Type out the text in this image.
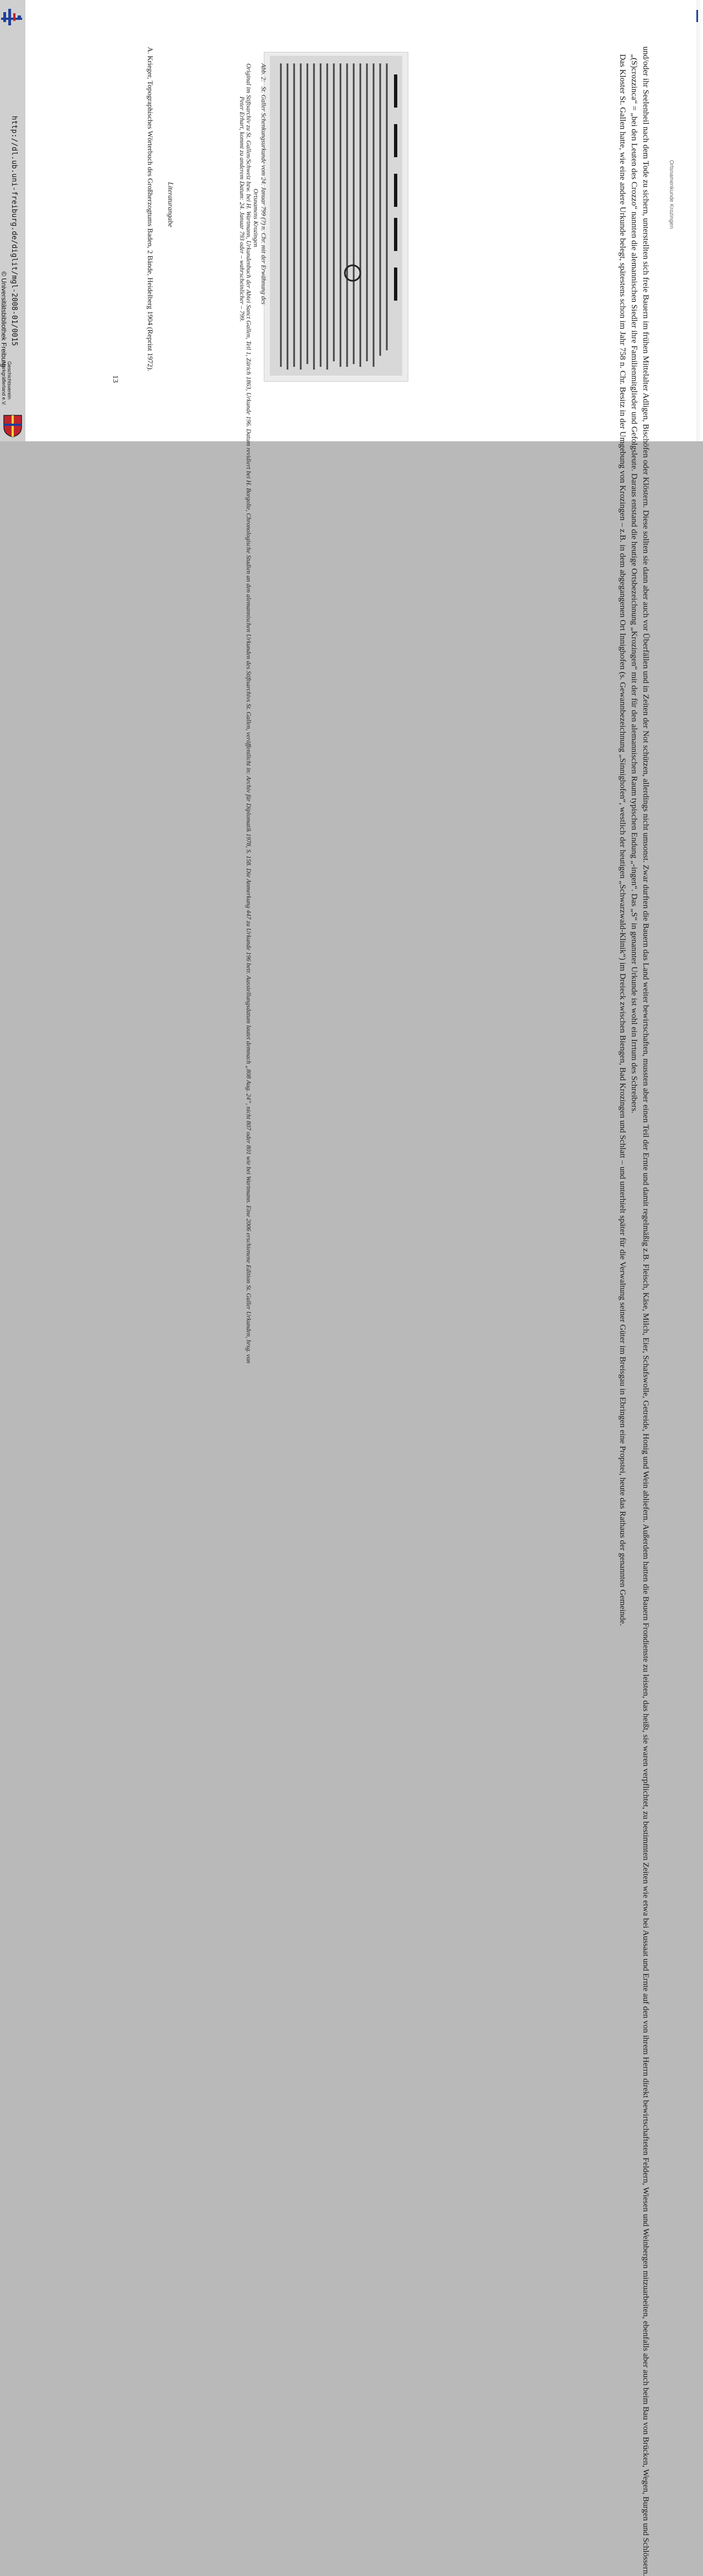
http://dl.ub.uni-freiburg.de/diglit/mgl-2008-01/0015
© Universitätsbibliothek Freiburg
Geschichtsverein
Markgräflerland e.V.
Ortsnamenkunde Krozingen

und/oder ihr Seelenheil nach dem Tode zu sichern, unterstellten sich freie Bauern im frühen Mittelalter Adligen, Bischöfen oder Klöstern. Diese sollten sie dann aber auch vor Überfällen und in Zeiten der Not schützen, allerdings nicht umsonst. Zwar durften die Bauern das Land weiter bewirtschaften, mussten aber einen Teil der Ernte und damit regelmäßig z.B. Fleisch, Käse, Milch, Eier, Schafswolle, Getreide, Honig und Wein abliefern. Außerdem hatten die Bauern Frondienste zu leisten, das heißt, sie waren verpflichtet, zu bestimmten Zeiten wie etwa bei Aussaat und Ernte auf den von ihrem Herrn direkt bewirtschafteten Feldern, Wiesen und Weinbergen mitzuarbeiten, ebenfalls aber auch beim Bau von Brücken, Wegen, Burgen und Schlössern.

„(S)crozzinca“ = „bei den Leuten des Crozzo“ nannten die alemannischen Siedler ihre Familienmitglieder und Gefolgsleute. Daraus entstand die heutige Ortsbezeichnung „Krozingen“ mit der für den alemannischen Raum typischen Endung „-ingen“. Das „S“ in genannter Urkunde ist wohl ein Irrtum des Schreibers.

Das Kloster St. Gallen hatte, wie eine andere Urkunde belegt, spätestens schon im Jahr 758 n. Chr. Besitz in der Umgebung von Krozingen – z.B. in dem abgegangenen Ort Innighofen (s. Gewannbezeichnung „Sinnighofen“, westlich der heutigen „Schwarzwald-Klinik“) im Dreieck zwischen Biengen, Bad Krozingen und Schlatt – und unterhielt später für die Verwaltung seiner Güter im Breisgau in Ebringen eine Propstei, heute das Rathaus der genannten Gemeinde.

Abb. 2:St. Galler Schenkungsurkunde vom 24. Januar 799 (?) n. Chr. mit der Erwähnung des
Ortsnamens Krozingen
Original im Stiftsarchiv zu St. Gallen/Schweiz bzw. bei H. Wartmann, Urkundenbuch der Abtei Sanct Gallen, Teil 1, Zürich 1863, Urkunde 196. Datum revidiert bei H. Borgolte, Chronologische Studien an den alemannischen Urkunden des Stiftsarchivs St. Gallen, veröffentlicht in: Archiv für Diplomatik 1978, S. 158. Die Anmerkung 447 zu Urkunde 196 betr. Ausstellungsdatum lautet demnach „808 Aug. 24“, nicht 807 oder 801 wie bei Wartmann. Eine 2006 erschienene Edition St. Galler Urkunden, hrsg. von
Peter Erhart, kommt zu anderem Datum: 24. Januar 793 oder – wahrscheinlicher – 799.
Literaturangabe
A. Krieger, Topographisches Wörterbuch des Großherzogtums Baden, 2 Bände, Heidelberg 1904 (Reprint 1972).
13
